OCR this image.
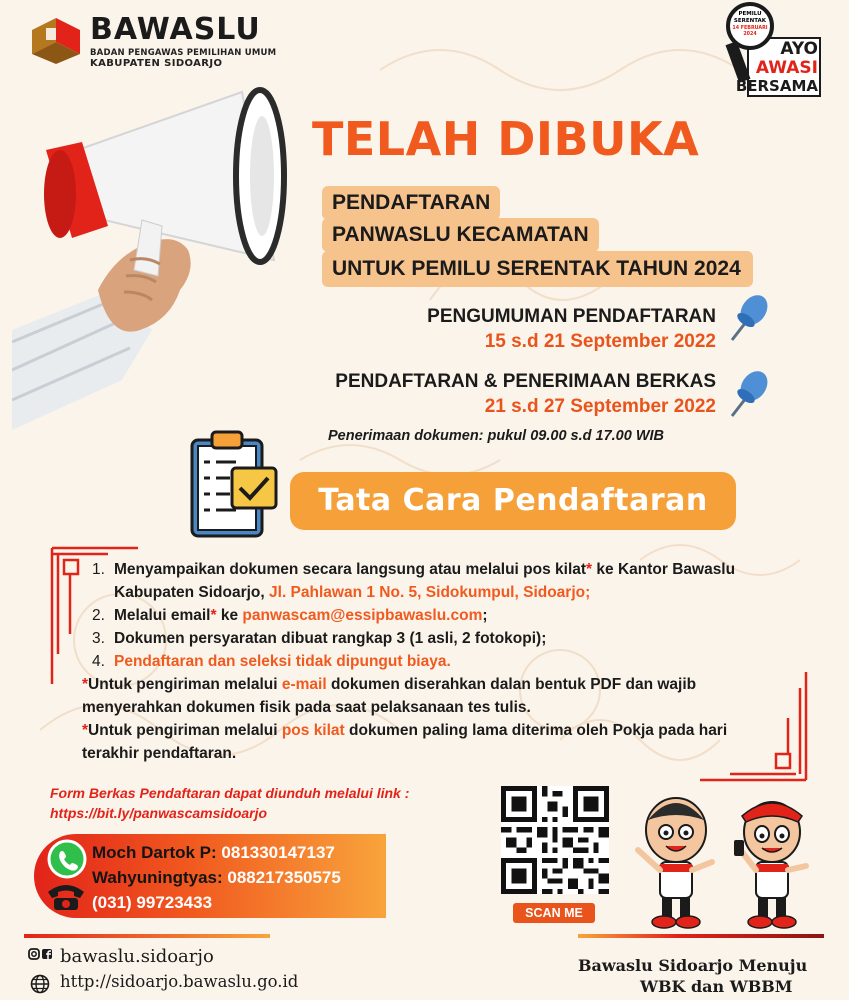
BAWASLU
BADAN PENGAWAS PEMILIHAN UMUM
KABUPATEN SIDOARJO
PEMILU
SERENTAK
14 FEBRUARI
2024
AYO
AWASI
BERSAMA
TELAH DIBUKA
PENDAFTARAN
PANWASLU KECAMATAN
UNTUK PEMILU SERENTAK TAHUN 2024
PENGUMUMAN PENDAFTARAN
15 s.d 21 September 2022
PENDAFTARAN & PENERIMAAN BERKAS
21 s.d 27 September 2022
Penerimaan dokumen: pukul 09.00 s.d 17.00 WIB
Tata Cara Pendaftaran
1. Menyampaikan dokumen secara langsung atau melalui pos kilat* ke Kantor Bawaslu Kabupaten Sidoarjo, Jl. Pahlawan 1 No. 5, Sidokumpul, Sidoarjo;
2. Melalui email* ke panwascam@essipbawaslu.com;
3. Dokumen persyaratan dibuat rangkap 3 (1 asli, 2 fotokopi);
4. Pendaftaran dan seleksi tidak dipungut biaya.
*Untuk pengiriman melalui e-mail dokumen diserahkan dalan bentuk PDF dan wajib menyerahkan dokumen fisik pada saat pelaksanaan tes tulis.
*Untuk pengiriman melalui pos kilat dokumen paling lama diterima oleh Pokja pada hari terakhir pendaftaran.
Form Berkas Pendaftaran dapat diunduh melalui link :
https://bit.ly/panwascamsidoarjo
Moch Dartok P: 081330147137
Wahyuningtyas: 088217350575
(031) 99723433
SCAN ME
bawaslu.sidoarjo
http://sidoarjo.bawaslu.go.id
Bawaslu Sidoarjo Menuju
WBK dan WBBM
